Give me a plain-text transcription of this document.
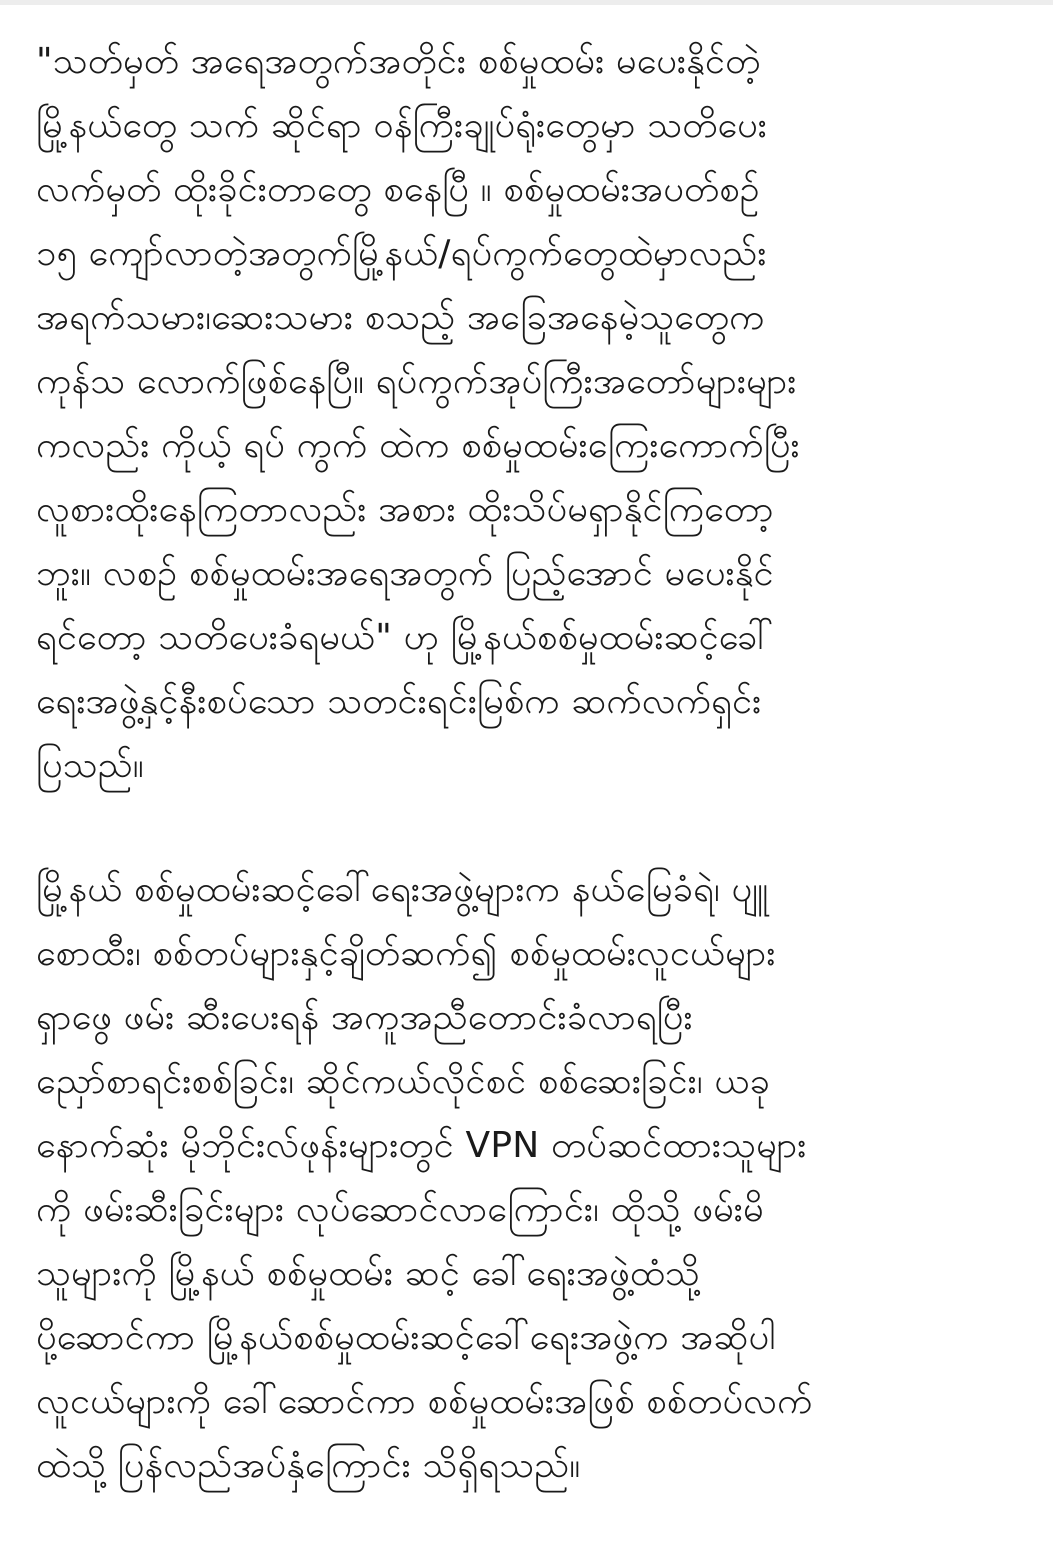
"သတ်မှတ် အရေအတွက်အတိုင်း စစ်မှုထမ်း မပေးနိုင်တဲ့
မြို့နယ်တွေ သက် ဆိုင်ရာ ဝန်ကြီးချုပ်ရုံးတွေမှာ သတိပေး
လက်မှတ် ထိုးခိုင်းတာတွေ စနေပြီ ။ စစ်မှုထမ်းအပတ်စဉ်
၁၅ ကျော်လာတဲ့အတွက်မြို့နယ်/ရပ်ကွက်တွေထဲမှာလည်း
အရက်သမား၊ဆေးသမား စသည့် အခြေအနေမဲ့သူတွေက
ကုန်သ လောက်ဖြစ်နေပြီ။ ရပ်ကွက်အုပ်ကြီးအတော်များများ
ကလည်း ကိုယ့် ရပ် ကွက် ထဲက စစ်မှုထမ်းကြေးကောက်ပြီး
လူစားထိုးနေကြတာလည်း အစား ထိုးသိပ်မရှာနိုင်ကြတော့
ဘူး။ လစဉ် စစ်မှုထမ်းအရေအတွက် ပြည့်အောင် မပေးနိုင်
ရင်တော့ သတိပေးခံရမယ်" ဟု မြို့နယ်စစ်မှုထမ်းဆင့်ခေါ်
ရေးအဖွဲ့နှင့်နီးစပ်သော သတင်းရင်းမြစ်က ဆက်လက်ရှင်း
ပြသည်။
မြို့နယ် စစ်မှုထမ်းဆင့်ခေါ်ရေးအဖွဲ့များက နယ်မြေခံရဲ၊ ပျူ
စောထီး၊ စစ်တပ်များနှင့်ချိတ်ဆက်၍ စစ်မှုထမ်းလူငယ်များ
ရှာဖွေ ဖမ်း ဆီးပေးရန် အကူအညီတောင်းခံလာရပြီး
ညှော်စာရင်းစစ်ခြင်း၊ ဆိုင်ကယ်လိုင်စင် စစ်ဆေးခြင်း၊ ယခု
နောက်ဆုံး မိုဘိုင်းလ်ဖုန်းများတွင် VPN တပ်ဆင်ထားသူများ
ကို ဖမ်းဆီးခြင်းများ လုပ်ဆောင်လာကြောင်း၊ ထိုသို့ ဖမ်းမိ
သူများကို မြို့နယ် စစ်မှုထမ်း ဆင့် ခေါ်ရေးအဖွဲ့ထံသို့
ပို့ဆောင်ကာ မြို့နယ်စစ်မှုထမ်းဆင့်ခေါ်ရေးအဖွဲ့က အဆိုပါ
လူငယ်များကို ခေါ်ဆောင်ကာ စစ်မှုထမ်းအဖြစ် စစ်တပ်လက်
ထဲသို့ ပြန်လည်အပ်နှံကြောင်း သိရှိရသည်။
